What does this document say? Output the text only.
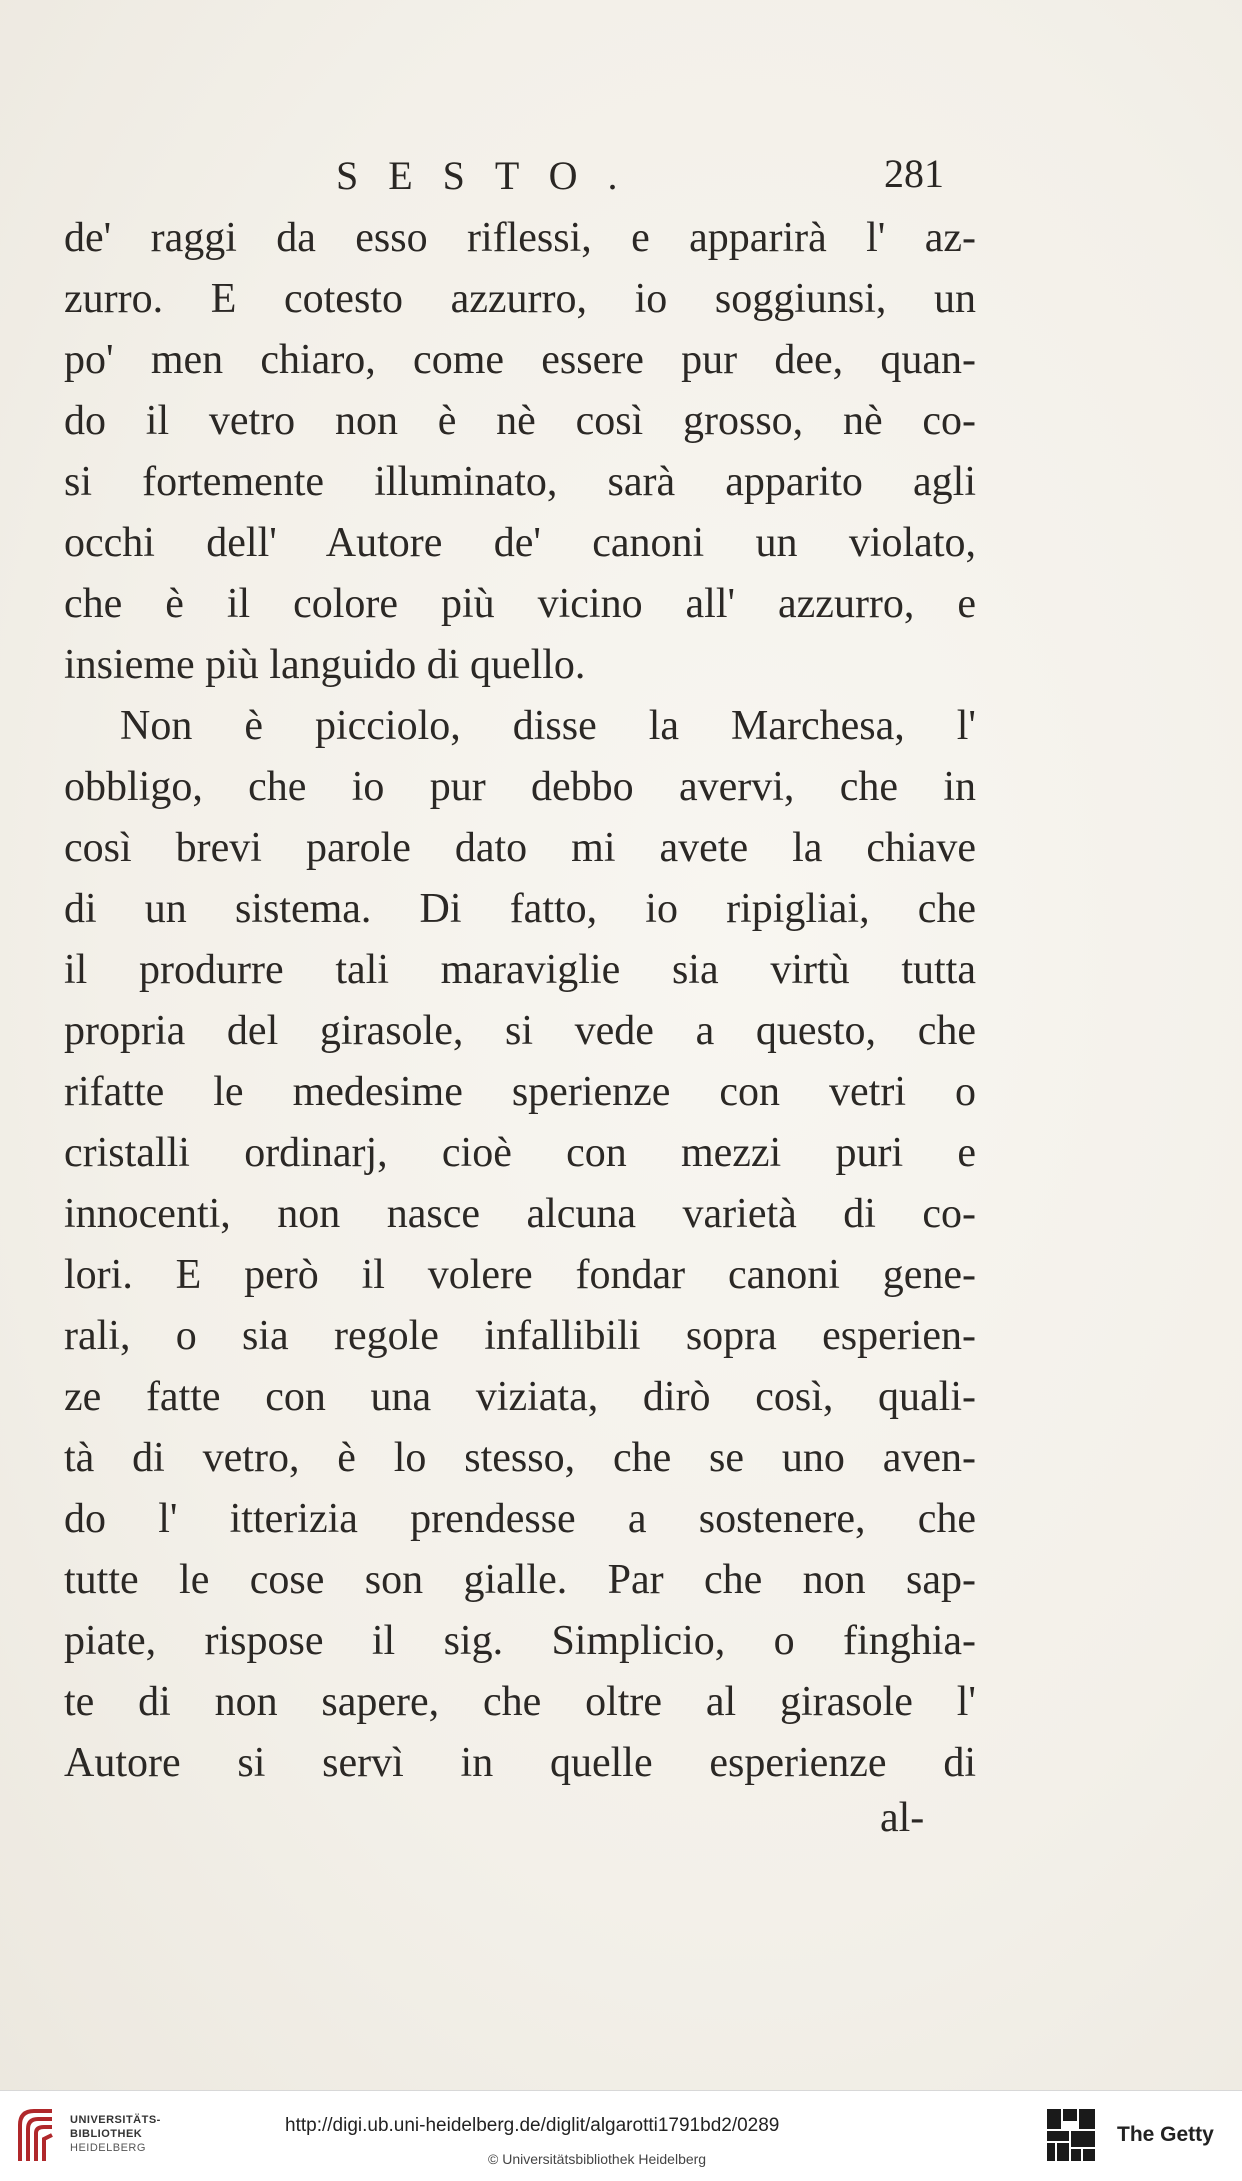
SESTO.	281
de' raggi da esso riflessi, e apparirà l' az-
zurro. E cotesto azzurro, io soggiunsi, un
po' men chiaro, come essere pur dee, quan-
do il vetro non è nè così grosso, nè co-
si fortemente illuminato, sarà apparito agli
occhi dell' Autore de' canoni un violato,
che è il colore più vicino all' azzurro, e
insieme più languido di quello.
Non è picciolo, disse la Marchesa, l'
obbligo, che io pur debbo avervi, che in
così brevi parole dato mi avete la chiave
di un sistema. Di fatto, io ripigliai, che
il produrre tali maraviglie sia virtù tutta
propria del girasole, si vede a questo, che
rifatte le medesime sperienze con vetri o
cristalli ordinarj, cioè con mezzi puri e
innocenti, non nasce alcuna varietà di co-
lori. E però il volere fondar canoni gene-
rali, o sia regole infallibili sopra esperien-
ze fatte con una viziata, dirò così, quali-
tà di vetro, è lo stesso, che se uno aven-
do l' itterizia prendesse a sostenere, che
tutte le cose son gialle. Par che non sap-
piate, rispose il sig. Simplicio, o finghia-
te di non sapere, che oltre al girasole l'
Autore si servì in quelle esperienze di
al-
UNIVERSITÄTS-
BIBLIOTHEK
HEIDELBERG
http://digi.ub.uni-heidelberg.de/diglit/algarotti1791bd2/0289
© Universitätsbibliothek Heidelberg
The Getty
